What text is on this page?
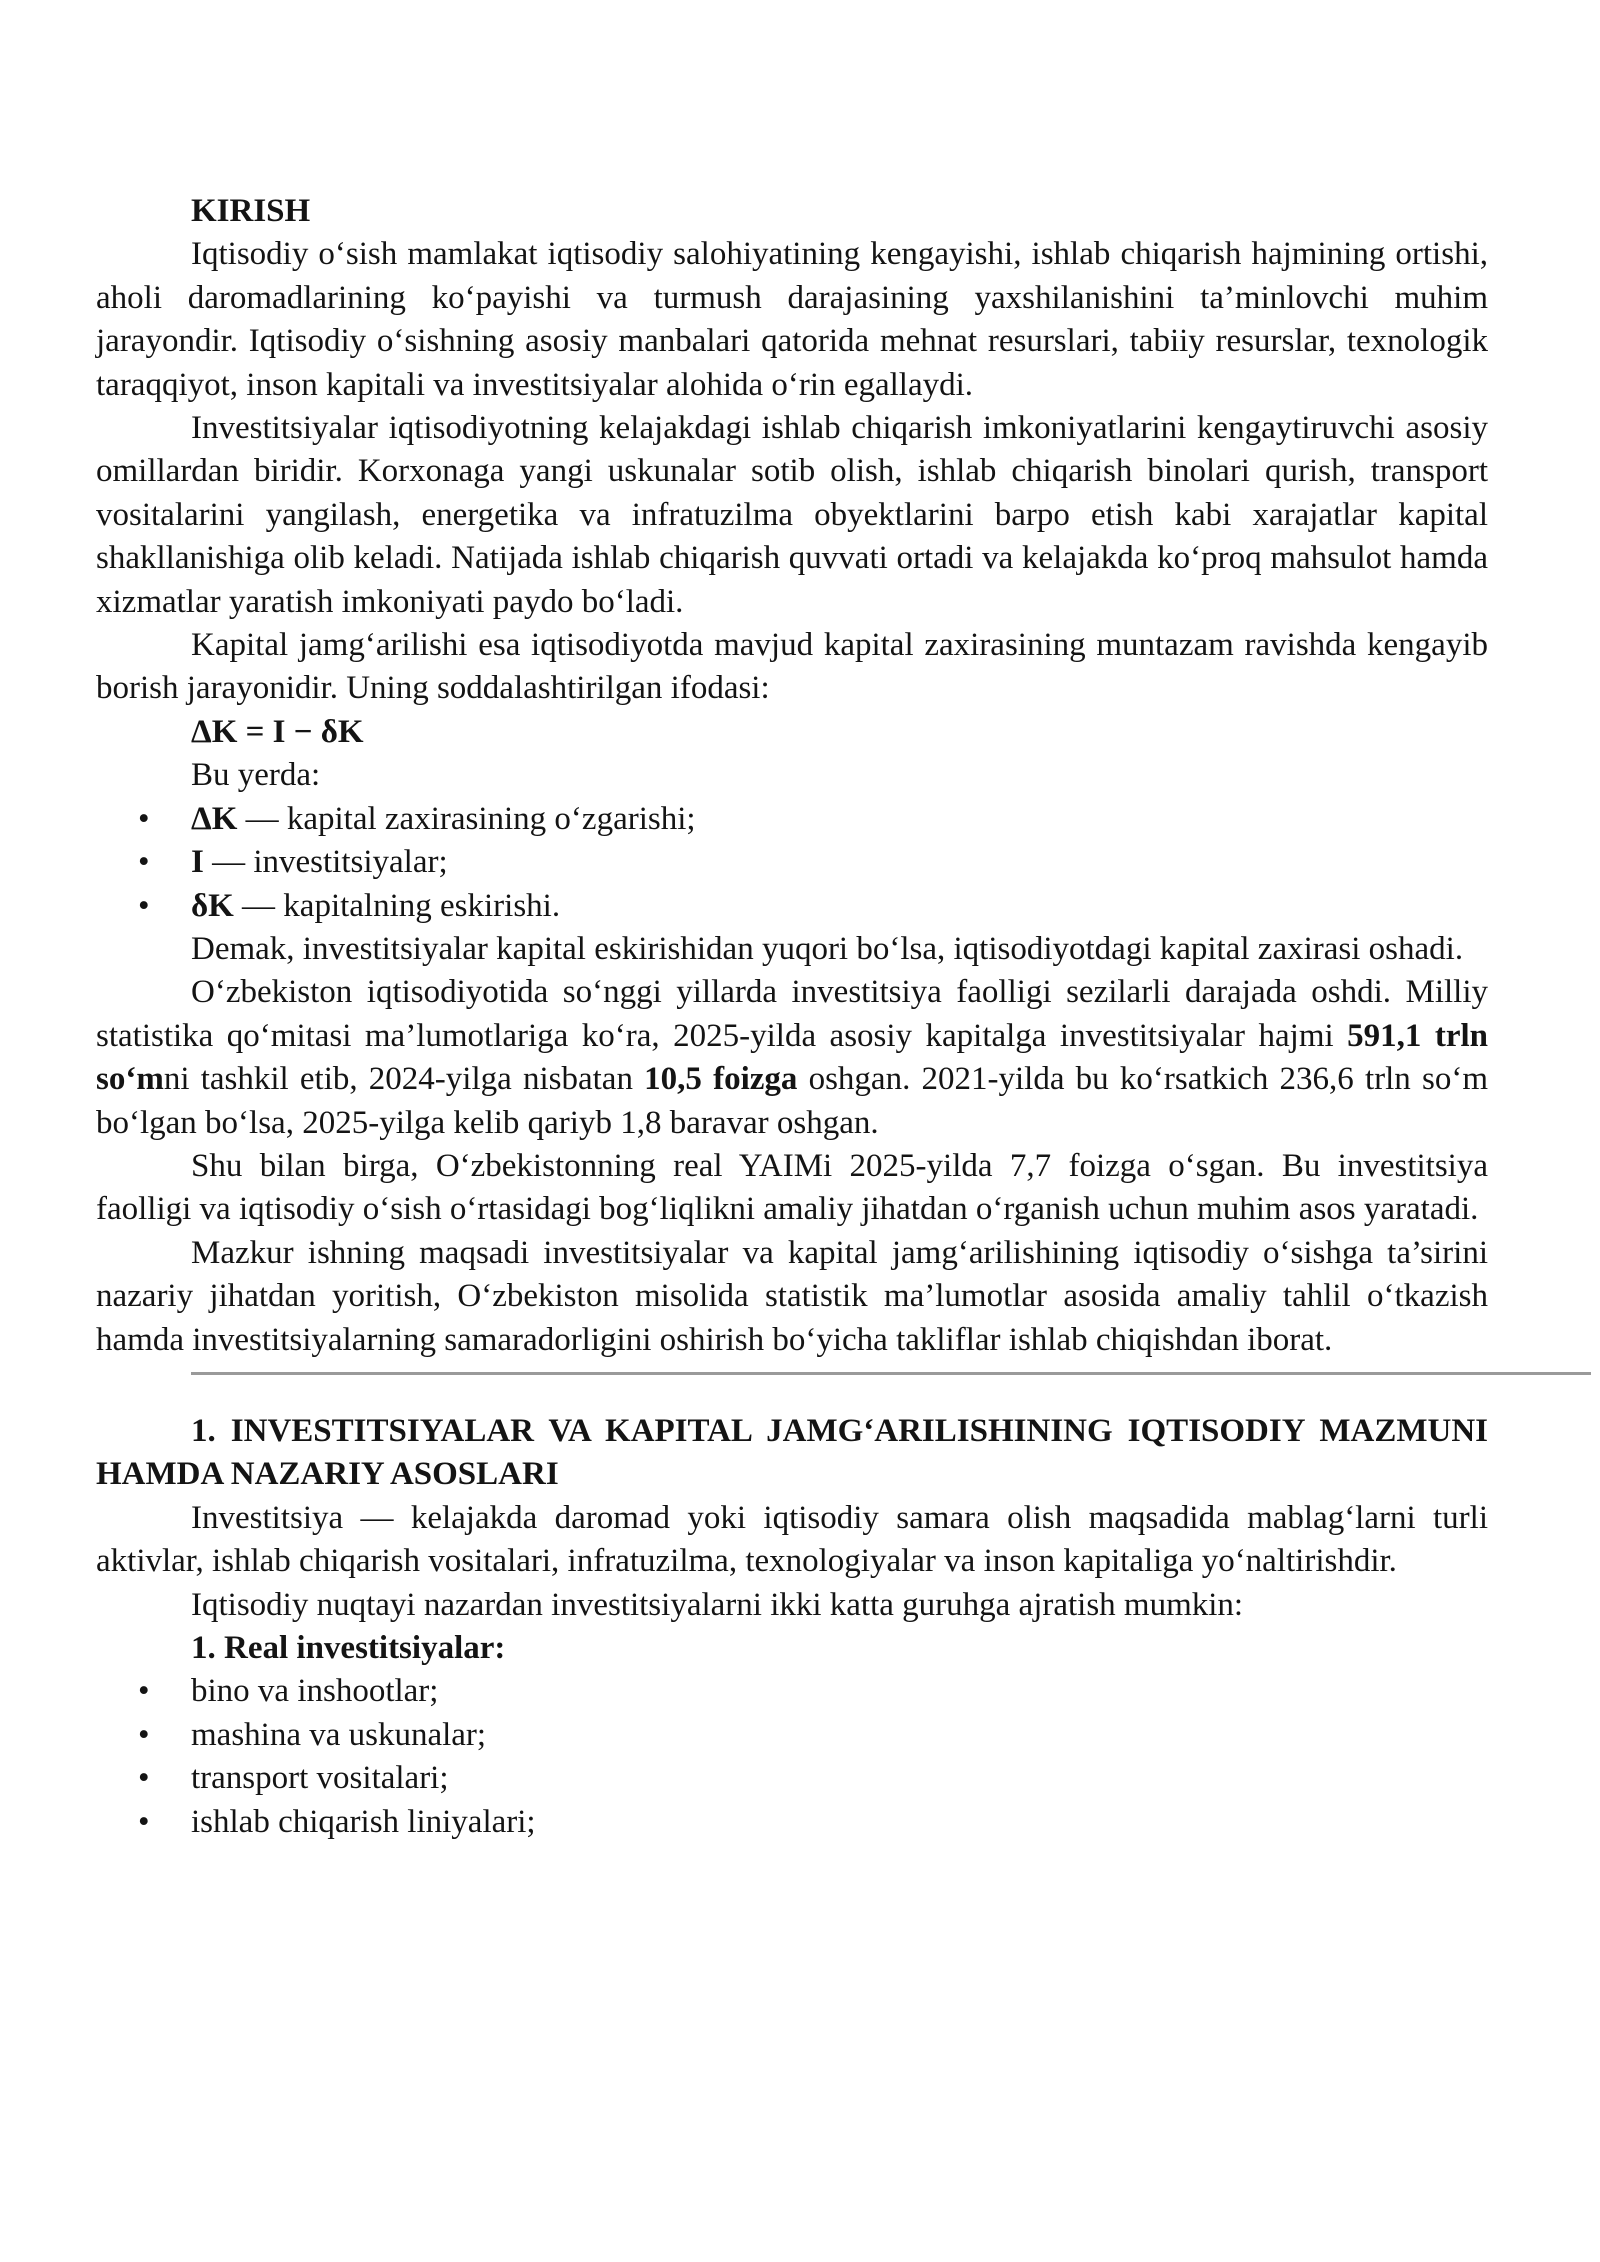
KIRISH

Iqtisodiy o‘sish mamlakat iqtisodiy salohiyatining kengayishi, ishlab chiqarish hajmining ortishi, aholi daromadlarining ko‘payishi va turmush darajasining yaxshilanishini ta’minlovchi muhim jarayondir. Iqtisodiy o‘sishning asosiy manbalari qatorida mehnat resurslari, tabiiy resurslar, texnologik taraqqiyot, inson kapitali va investitsiyalar alohida o‘rin egallaydi.

Investitsiyalar iqtisodiyotning kelajakdagi ishlab chiqarish imkoniyatlarini kengaytiruvchi asosiy omillardan biridir. Korxonaga yangi uskunalar sotib olish, ishlab chiqarish binolari qurish, transport vositalarini yangilash, energetika va infratuzilma obyektlarini barpo etish kabi xarajatlar kapital shakllanishiga olib keladi. Natijada ishlab chiqarish quvvati ortadi va kelajakda ko‘proq mahsulot hamda xizmatlar yaratish imkoniyati paydo bo‘ladi.

Kapital jamg‘arilishi esa iqtisodiyotda mavjud kapital zaxirasining muntazam ravishda kengayib borish jarayonidir. Uning soddalashtirilgan ifodasi:

ΔK = I − δK
Bu yerda:
• ΔK — kapital zaxirasining o‘zgarishi;
• I — investitsiyalar;
• δK — kapitalning eskirishi.

Demak, investitsiyalar kapital eskirishidan yuqori bo‘lsa, iqtisodiyotdagi kapital zaxirasi oshadi.

O‘zbekiston iqtisodiyotida so‘nggi yillarda investitsiya faolligi sezilarli darajada oshdi. Milliy statistika qo‘mitasi ma’lumotlariga ko‘ra, 2025-yilda asosiy kapitalga investitsiyalar hajmi 591,1 trln so‘mni tashkil etib, 2024-yilga nisbatan 10,5 foizga oshgan. 2021-yilda bu ko‘rsatkich 236,6 trln so‘m bo‘lgan bo‘lsa, 2025-yilga kelib qariyb 1,8 baravar oshgan.

Shu bilan birga, O‘zbekistonning real YAIMi 2025-yilda 7,7 foizga o‘sgan. Bu investitsiya faolligi va iqtisodiy o‘sish o‘rtasidagi bog‘liqlikni amaliy jihatdan o‘rganish uchun muhim asos yaratadi.

Mazkur ishning maqsadi investitsiyalar va kapital jamg‘arilishining iqtisodiy o‘sishga ta’sirini nazariy jihatdan yoritish, O‘zbekiston misolida statistik ma’lumotlar asosida amaliy tahlil o‘tkazish hamda investitsiyalarning samaradorligini oshirish bo‘yicha takliflar ishlab chiqishdan iborat.

1. INVESTITSIYALAR VA KAPITAL JAMG‘ARILISHINING IQTISODIY MAZMUNI HAMDA NAZARIY ASOSLARI

Investitsiya — kelajakda daromad yoki iqtisodiy samara olish maqsadida mablag‘larni turli aktivlar, ishlab chiqarish vositalari, infratuzilma, texnologiyalar va inson kapitaliga yo‘naltirishdir.

Iqtisodiy nuqtayi nazardan investitsiyalarni ikki katta guruhga ajratish mumkin:

1. Real investitsiyalar:
• bino va inshootlar;
• mashina va uskunalar;
• transport vositalari;
• ishlab chiqarish liniyalari;
